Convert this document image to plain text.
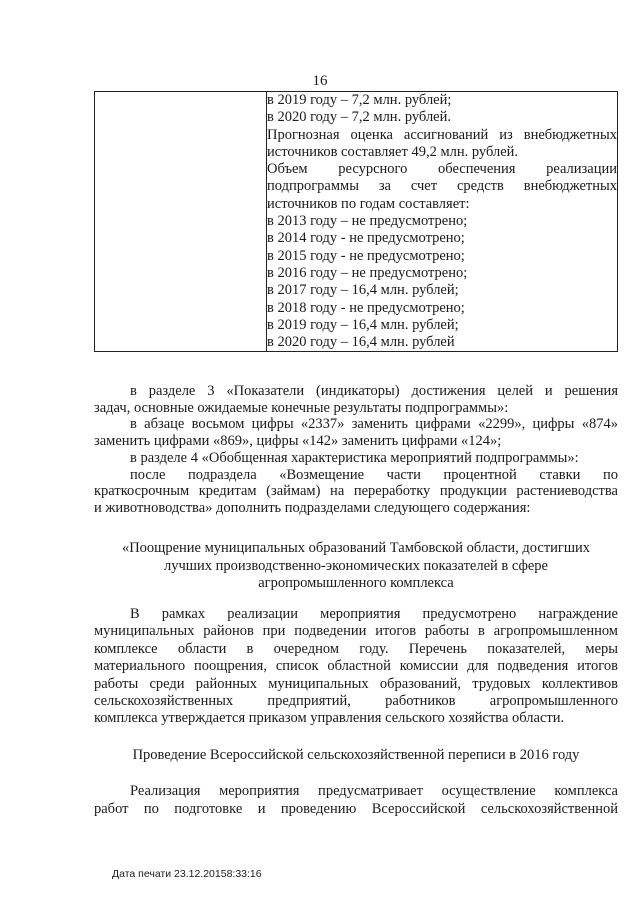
16

в 2019 году – 7,2 млн. рублей;
в 2020 году – 7,2 млн. рублей.
Прогнозная оценка ассигнований из внебюджетных
источников составляет 49,2 млн. рублей.
Объем ресурсного обеспечения реализации
подпрограммы за счет средств внебюджетных
источников по годам составляет:
в 2013 году – не предусмотрено;
в 2014 году - не предусмотрено;
в 2015 году - не предусмотрено;
в 2016 году – не предусмотрено;
в 2017 году – 16,4 млн. рублей;
в 2018 году - не предусмотрено;
в 2019 году – 16,4 млн. рублей;
в 2020 году – 16,4 млн. рублей
в разделе 3 «Показатели (индикаторы) достижения целей и решения
задач, основные ожидаемые конечные результаты подпрограммы»:
в абзаце восьмом цифры «2337» заменить цифрами «2299», цифры «874»
заменить цифрами «869», цифры «142» заменить цифрами «124»;
в разделе 4 «Обобщенная характеристика мероприятий подпрограммы»:
после подраздела «Возмещение части процентной ставки по
краткосрочным кредитам (займам) на переработку продукции растениеводства
и животноводства» дополнить подразделами следующего содержания:
«Поощрение муниципальных образований Тамбовской области, достигших
лучших производственно-экономических показателей в сфере
агропромышленного комплекса
В рамках реализации мероприятия предусмотрено награждение
муниципальных районов при подведении итогов работы в агропромышленном
комплексе области в очередном году. Перечень показателей, меры
материального поощрения, список областной комиссии для подведения итогов
работы среди районных муниципальных образований, трудовых коллективов
сельскохозяйственных предприятий, работников агропромышленного
комплекса утверждается приказом управления сельского хозяйства области.
Проведение Всероссийской сельскохозяйственной переписи в 2016 году
Реализация мероприятия предусматривает осуществление комплекса
работ по подготовке и проведению Всероссийской сельскохозяйственной
Дата печати 23.12.20158:33:16
